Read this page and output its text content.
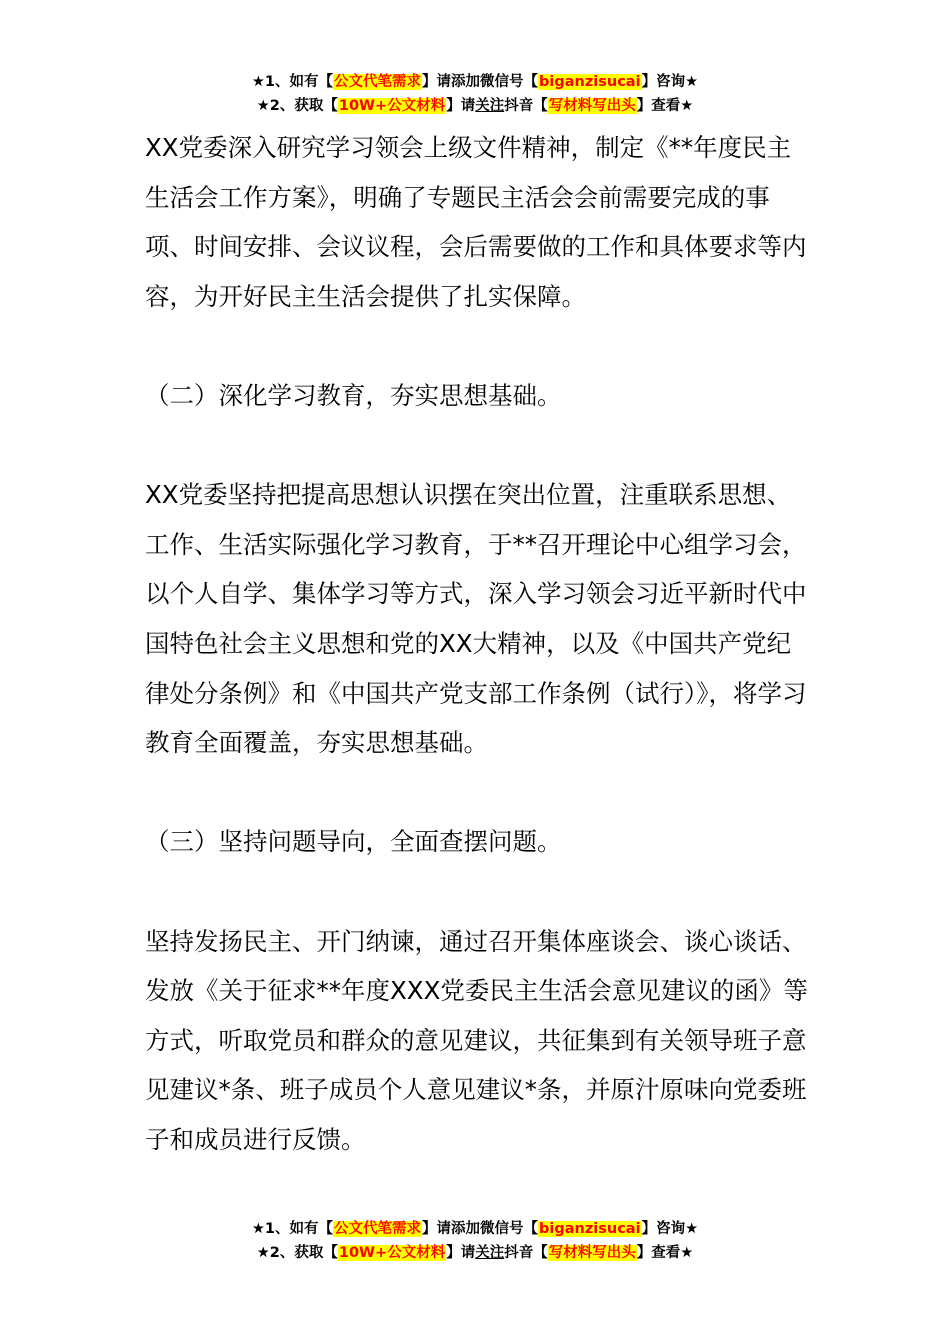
★1、如有【公文代笔需求】请添加微信号【biganzisucai】咨询★
★2、获取【10W+公文材料】请关注抖音【写材料写出头】查看★

XX党委深入研究学习领会上级文件精神，制定《**年度民主生活会工作方案》，明确了专题民主活会会前需要完成的事项、时间安排、会议议程，会后需要做的工作和具体要求等内容，为开好民主生活会提供了扎实保障。

（二）深化学习教育，夯实思想基础。

XX党委坚持把提高思想认识摆在突出位置，注重联系思想、工作、生活实际强化学习教育，于**召开理论中心组学习会，以个人自学、集体学习等方式，深入学习领会习近平新时代中国特色社会主义思想和党的XX大精神，以及《中国共产党纪律处分条例》和《中国共产党支部工作条例（试行）》，将学习教育全面覆盖，夯实思想基础。

（三）坚持问题导向，全面查摆问题。

坚持发扬民主、开门纳谏，通过召开集体座谈会、谈心谈话、发放《关于征求**年度XXX党委民主生活会意见建议的函》等方式，听取党员和群众的意见建议，共征集到有关领导班子意见建议*条、班子成员个人意见建议*条，并原汁原味向党委班子和成员进行反馈。

★1、如有【公文代笔需求】请添加微信号【biganzisucai】咨询★
★2、获取【10W+公文材料】请关注抖音【写材料写出头】查看★
